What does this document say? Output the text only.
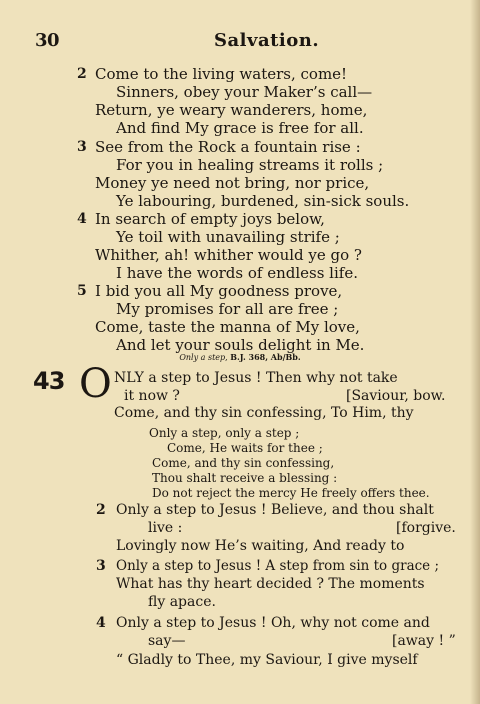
30	Salvation.
2 Come to the living waters, come!
Sinners, obey your Maker’s call—
Return, ye weary wanderers, home,
And find My grace is free for all.
3 See from the Rock a fountain rise :
For you in healing streams it rolls ;
Money ye need not bring, nor price,
Ye labouring, burdened, sin-sick souls.
4 In search of empty joys below,
Ye toil with unavailing strife ;
Whither, ah! whither would ye go ?
I have the words of endless life.
5 I bid you all My goodness prove,
My promises for all are free ;
Come, taste the manna of My love,
And let your souls delight in Me.
Only a step, B.J. 368, Ab/Bb.
43 O NLY a step to Jesus ! Then why not take
it now ?	[Saviour, bow.
Come, and thy sin confessing, To Him, thy
Only a step, only a step ;
Come, He waits for thee ;
Come, and thy sin confessing,
Thou shalt receive a blessing :
Do not reject the mercy He freely offers thee.
2 Only a step to Jesus ! Believe, and thou shalt
live :	[forgive.
Lovingly now He’s waiting, And ready to
3 Only a step to Jesus ! A step from sin to grace ;
What has thy heart decided ? The moments
fly apace.
4 Only a step to Jesus ! Oh, why not come and
say—	[away ! ”
“ Gladly to Thee, my Saviour, I give myself
